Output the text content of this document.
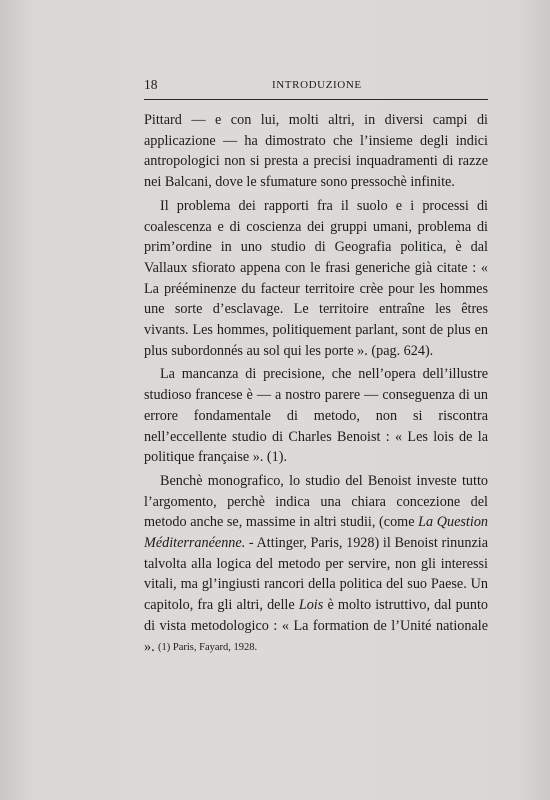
18	INTRODUZIONE

Pittard — e con lui, molti altri, in diversi campi di applicazione — ha dimostrato che l’insieme degli indici antropologici non si presta a precisi inquadramenti di razze nei Balcani, dove le sfumature sono pressochè infinite.

Il problema dei rapporti fra il suolo e i processi di coalescenza e di coscienza dei gruppi umani, problema di prim’ordine in uno studio di Geografia politica, è dal Vallaux sfiorato appena con le frasi generiche già citate : « La prééminenze du facteur territoire crèe pour les hommes une sorte d’esclavage. Le territoire entraîne les êtres vivants. Les hommes, politiquement parlant, sont de plus en plus subordonnés au sol qui les porte ». (pag. 624).

La mancanza di precisione, che nell’opera dell’illustre studioso francese è — a nostro parere — conseguenza di un errore fondamentale di metodo, non si riscontra nell’eccellente studio di Charles Benoist : « Les lois de la politique française ». (1).

Benchè monografico, lo studio del Benoist investe tutto l’argomento, perchè indica una chiara concezione del metodo anche se, massime in altri studii, (come La Question Méditerranéenne. - Attinger, Paris, 1928) il Benoist rinunzia talvolta alla logica del metodo per servire, non gli interessi vitali, ma gl’ingiusti rancori della politica del suo Paese. Un capitolo, fra gli altri, delle Lois è molto istruttivo, dal punto di vista metodologico : « La formation de l’Unité nationale ». (1) Paris, Fayard, 1928.
